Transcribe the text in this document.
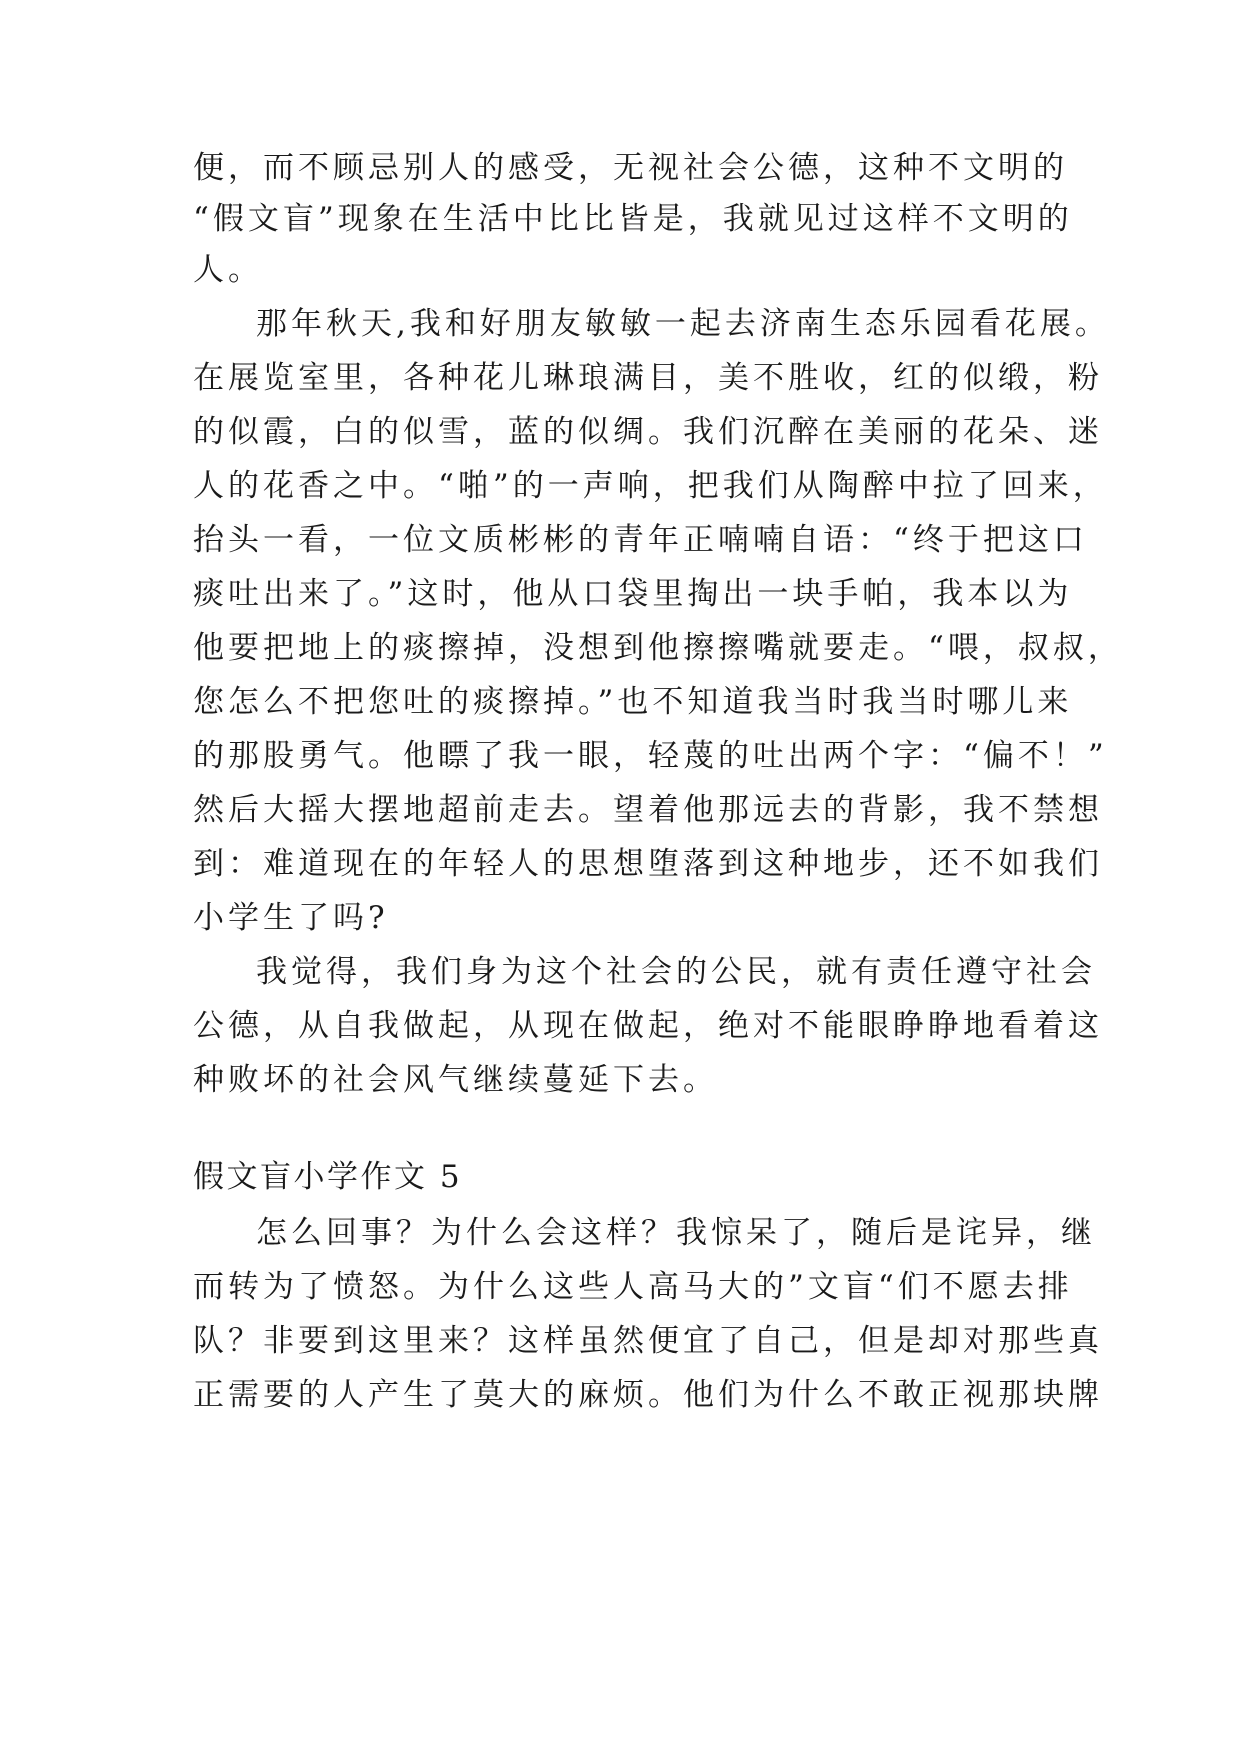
便，而不顾忌别人的感受，无视社会公德，这种不文明的
“假文盲”现象在生活中比比皆是，我就见过这样不文明的
人。
那年秋天,我和好朋友敏敏一起去济南生态乐园看花展。
在展览室里，各种花儿琳琅满目，美不胜收，红的似缎，粉
的似霞，白的似雪，蓝的似绸。我们沉醉在美丽的花朵、迷
人的花香之中。“啪”的一声响，把我们从陶醉中拉了回来，
抬头一看，一位文质彬彬的青年正喃喃自语：“终于把这口
痰吐出来了。”这时，他从口袋里掏出一块手帕，我本以为
他要把地上的痰擦掉，没想到他擦擦嘴就要走。“喂，叔叔，
您怎么不把您吐的痰擦掉。”也不知道我当时我当时哪儿来
的那股勇气。他瞟了我一眼，轻蔑的吐出两个字：“偏不！”
然后大摇大摆地超前走去。望着他那远去的背影，我不禁想
到：难道现在的年轻人的思想堕落到这种地步，还不如我们
小学生了吗?
我觉得，我们身为这个社会的公民，就有责任遵守社会
公德，从自我做起，从现在做起，绝对不能眼睁睁地看着这
种败坏的社会风气继续蔓延下去。
假文盲小学作文 5
怎么回事？为什么会这样？我惊呆了，随后是诧异，继
而转为了愤怒。为什么这些人高马大的”文盲“们不愿去排
队？非要到这里来？这样虽然便宜了自己，但是却对那些真
正需要的人产生了莫大的麻烦。他们为什么不敢正视那块牌
